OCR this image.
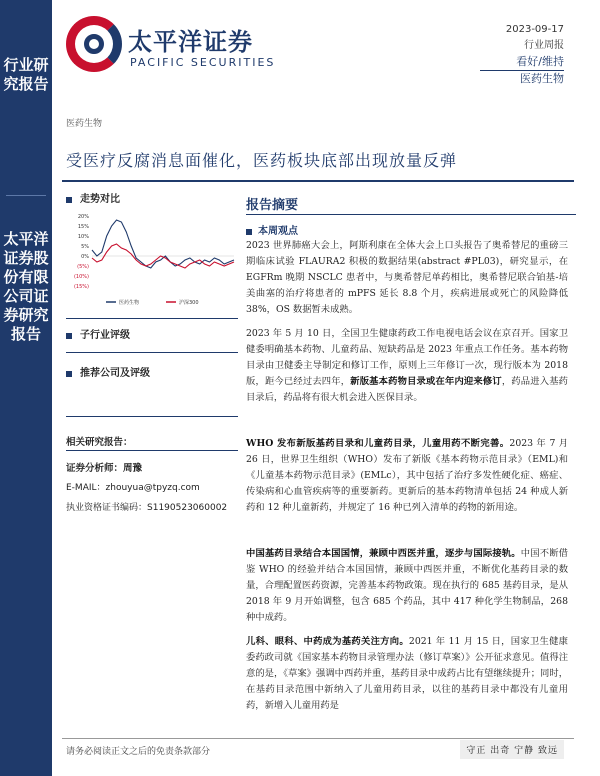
行业研究报告
太平洋证券股份有限公司证券研究报告
太平洋证券
PACIFIC SECURITIES
2023-09-17
行业周报
看好/维持
医药生物
医药生物
受医疗反腐消息面催化，医药板块底部出现放量反弹
走势对比
20%
15%
10%
5%
0%
(5%)
(10%)
(15%)
医药生物	沪深300
子行业评级
推荐公司及评级
相关研究报告：
证券分析师：周豫
E-MAIL：zhouyua@tpyzq.com
执业资格证书编码：S1190523060002
报告摘要
本周观点
2023 世界肺癌大会上，阿斯利康在全体大会上口头报告了奥希替尼的重磅三期临床试验 FLAURA2 积极的数据结果(abstract #PL03)，研究显示，在 EGFRm 晚期 NSCLC 患者中，与奥希替尼单药相比，奥希替尼联合铂基-培美曲塞的治疗将患者的 mPFS 延长 8.8 个月，疾病进展或死亡的风险降低 38%，OS 数据暂未成熟。
2023 年 5 月 10 日，全国卫生健康药政工作电视电话会议在京召开。国家卫健委明确基本药物、儿童药品、短缺药品是 2023 年重点工作任务。基本药物目录由卫健委主导制定和修订工作，原则上三年修订一次，现行版本为 2018 版，距今已经过去四年，新版基本药物目录或在年内迎来修订，药品进入基药目录后，药品将有很大机会进入医保目录。
WHO 发布新版基药目录和儿童药目录，儿童用药不断完善。2023 年 7 月 26 日，世界卫生组织（WHO）发布了新版《基本药物示范目录》（EML)和《儿童基本药物示范目录》(EMLc），其中包括了治疗多发性硬化症、癌症、传染病和心血管疾病等的重要新药。更新后的基本药物清单包括 24 种成人新药和 12 种儿童新药，并规定了 16 种已列入清单的药物的新用途。
中国基药目录结合本国国情，兼顾中西医并重，逐步与国际接轨。中国不断借鉴 WHO 的经验并结合本国国情，兼顾中西医并重，不断优化基药目录的数量，合理配置医药资源，完善基本药物政策。现在执行的 685 基药目录，是从 2018 年 9 月开始调整，包含 685 个药品，其中 417 种化学生物制品，268 种中成药。
儿科、眼科、中药成为基药关注方向。2021 年 11 月 15 日，国家卫生健康委药政司就《国家基本药物目录管理办法（修订草案）》公开征求意见。值得注意的是，《草案》强调中西药并重，基药目录中成药占比有望继续提升；同时，在基药目录范围中新纳入了儿童用药目录，以往的基药目录中都没有儿童用药，新增入儿童用药是
请务必阅读正文之后的免责条款部分	守正 出奇 宁静 致远
